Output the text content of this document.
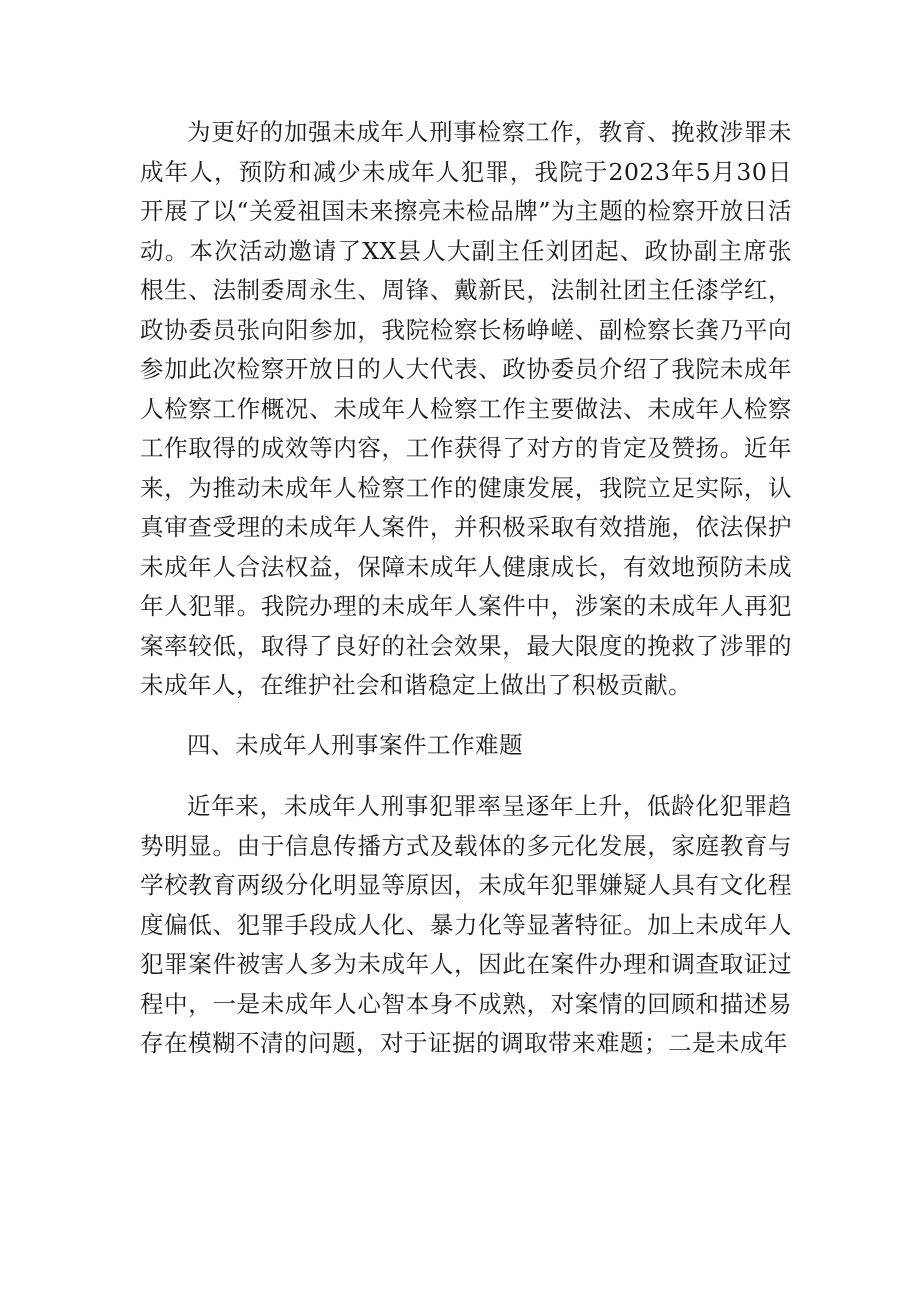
为更好的加强未成年人刑事检察工作，教育、挽救涉罪未成年人，预防和减少未成年人犯罪，我院于2023年5月30日开展了以“关爱祖国未来擦亮未检品牌”为主题的检察开放日活动。本次活动邀请了XX县人大副主任刘团起、政协副主席张根生、法制委周永生、周锋、戴新民，法制社团主任漆学红，政协委员张向阳参加，我院检察长杨峥嵯、副检察长龚乃平向参加此次检察开放日的人大代表、政协委员介绍了我院未成年人检察工作概况、未成年人检察工作主要做法、未成年人检察工作取得的成效等内容，工作获得了对方的肯定及赞扬。近年来，为推动未成年人检察工作的健康发展，我院立足实际，认真审查受理的未成年人案件，并积极采取有效措施，依法保护未成年人合法权益，保障未成年人健康成长，有效地预防未成年人犯罪。我院办理的未成年人案件中，涉案的未成年人再犯案率较低，取得了良好的社会效果，最大限度的挽救了涉罪的未成年人，在维护社会和谐稳定上做出了积极贡献。

四、未成年人刑事案件工作难题

近年来，未成年人刑事犯罪率呈逐年上升，低龄化犯罪趋势明显。由于信息传播方式及载体的多元化发展，家庭教育与学校教育两级分化明显等原因，未成年犯罪嫌疑人具有文化程度偏低、犯罪手段成人化、暴力化等显著特征。加上未成年人犯罪案件被害人多为未成年人，因此在案件办理和调查取证过程中，一是未成年人心智本身不成熟，对案情的回顾和描述易存在模糊不清的问题，对于证据的调取带来难题；二是未成年
